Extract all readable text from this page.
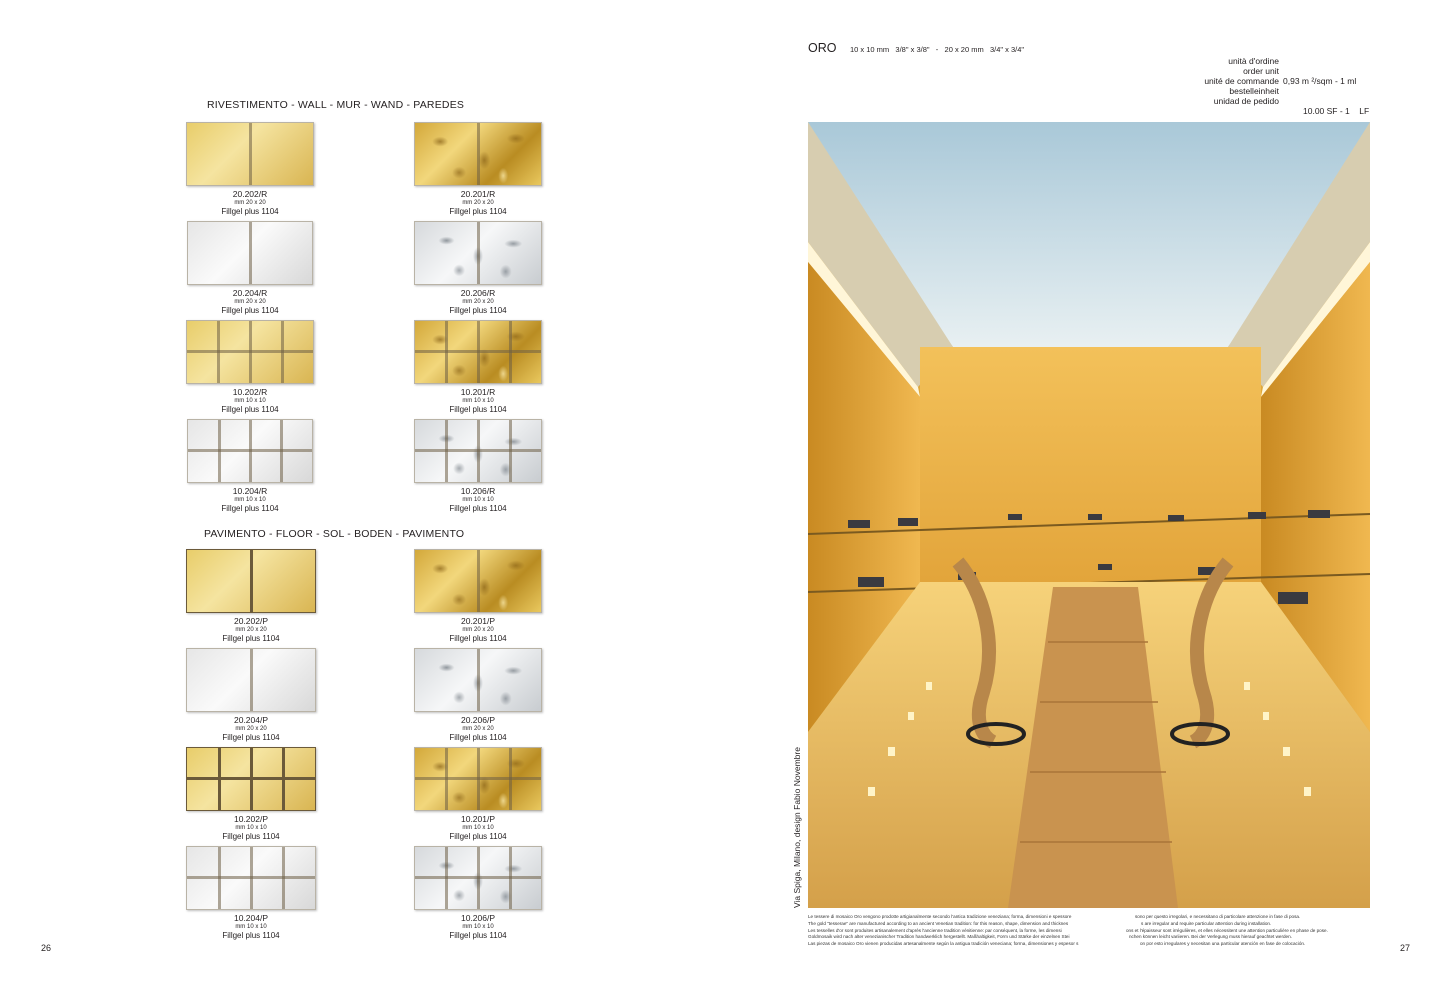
RIVESTIMENTO - WALL - MUR - WAND - PAREDES
20.202/R
mm 20 x 20
Fillgel plus 1104
20.201/R
mm 20 x 20
Fillgel plus 1104
20.204/R
mm 20 x 20
Fillgel plus 1104
20.206/R
mm 20 x 20
Fillgel plus 1104
10.202/R
mm 10 x 10
Fillgel plus 1104
10.201/R
mm 10 x 10
Fillgel plus 1104
10.204/R
mm 10 x 10
Fillgel plus 1104
10.206/R
mm 10 x 10
Fillgel plus 1104
PAVIMENTO - FLOOR - SOL - BODEN - PAVIMENTO
20.202/P
mm 20 x 20
Fillgel plus 1104
20.201/P
mm 20 x 20
Fillgel plus 1104
20.204/P
mm 20 x 20
Fillgel plus 1104
20.206/P
mm 20 x 20
Fillgel plus 1104
10.202/P
mm 10 x 10
Fillgel plus 1104
10.201/P
mm 10 x 10
Fillgel plus 1104
10.204/P
mm 10 x 10
Fillgel plus 1104
10.206/P
mm 10 x 10
Fillgel plus 1104
26
ORO 10 x 10 mm   3/8" x 3/8"   -   20 x 20 mm   3/4" x 3/4"
unità d'ordine
order unit
unité de commande
bestelleinheit
unidad de pedido

0,93 m ²/sqm - 1 ml

10.00 SF - 1    LF

Via Spiga, Milano, design Fabio Novembre
Le tessere di mosaico Oro vengono prodotte artigianalmente secondo l'antica tradizione veneziana; forma, dimensioni e spessore
The gold "tesserae" are manufactured according to an ancient Venetian tradition: for this reason, shape, dimension and thicknes
Les tesselles d'or sont produites artisanalement d'après l'ancienne tradition vénitienne: par conséquent, la forme, les dimensi
Goldmosaik wird nach alter venezianischer Tradition handwerklich hergestellt. Maßhaltigkeit, Form und Stärke der einzelnen Stei
Las piezas de mosaico Oro vienen producidas artesanalmente según la antigua tradición veneciana; forma, dimensiones y espesor s
sono per questo irregolari, e necessitano di particolare attenzione in fase di posa.
s are irregular and require particular attention during installation.
ons et l'épaisseur sont irrégulières, et elles nécessitent une attention particulière en phase de pose.
nchen können leicht variieren. Bei der Verlegung muss hierauf geachtet werden.
on por esto irregulares y necesitan una particular atención en fase de colocación.	27
